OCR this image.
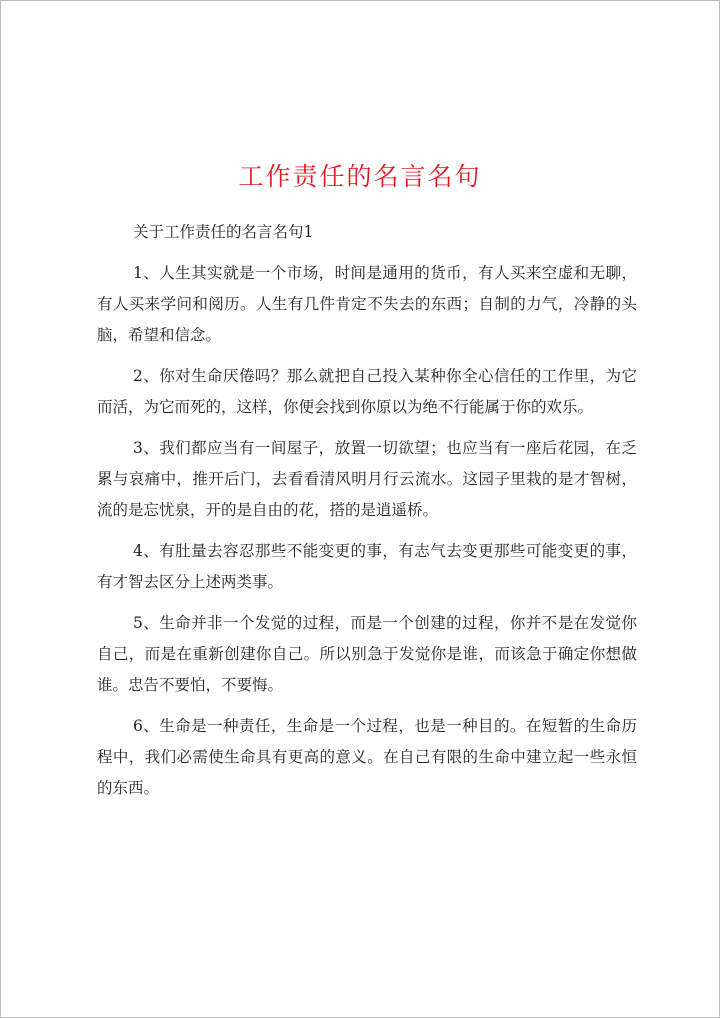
工作责任的名言名句

关于工作责任的名言名句1

1、人生其实就是一个市场，时间是通用的货币，有人买来空虚和无聊，有人买来学问和阅历。人生有几件肯定不失去的东西；自制的力气，冷静的头脑，希望和信念。

2、你对生命厌倦吗？那么就把自己投入某种你全心信任的工作里，为它而活，为它而死的，这样，你便会找到你原以为绝不行能属于你的欢乐。

3、我们都应当有一间屋子，放置一切欲望；也应当有一座后花园，在乏累与哀痛中，推开后门，去看看清风明月行云流水。这园子里栽的是才智树，流的是忘忧泉，开的是自由的花，搭的是逍遥桥。

4、有肚量去容忍那些不能变更的事，有志气去变更那些可能变更的事，有才智去区分上述两类事。

5、生命并非一个发觉的过程，而是一个创建的过程，你并不是在发觉你自己，而是在重新创建你自己。所以别急于发觉你是谁，而该急于确定你想做谁。忠告不要怕，不要悔。

6、生命是一种责任，生命是一个过程，也是一种目的。在短暂的生命历程中，我们必需使生命具有更高的意义。在自己有限的生命中建立起一些永恒的东西。
